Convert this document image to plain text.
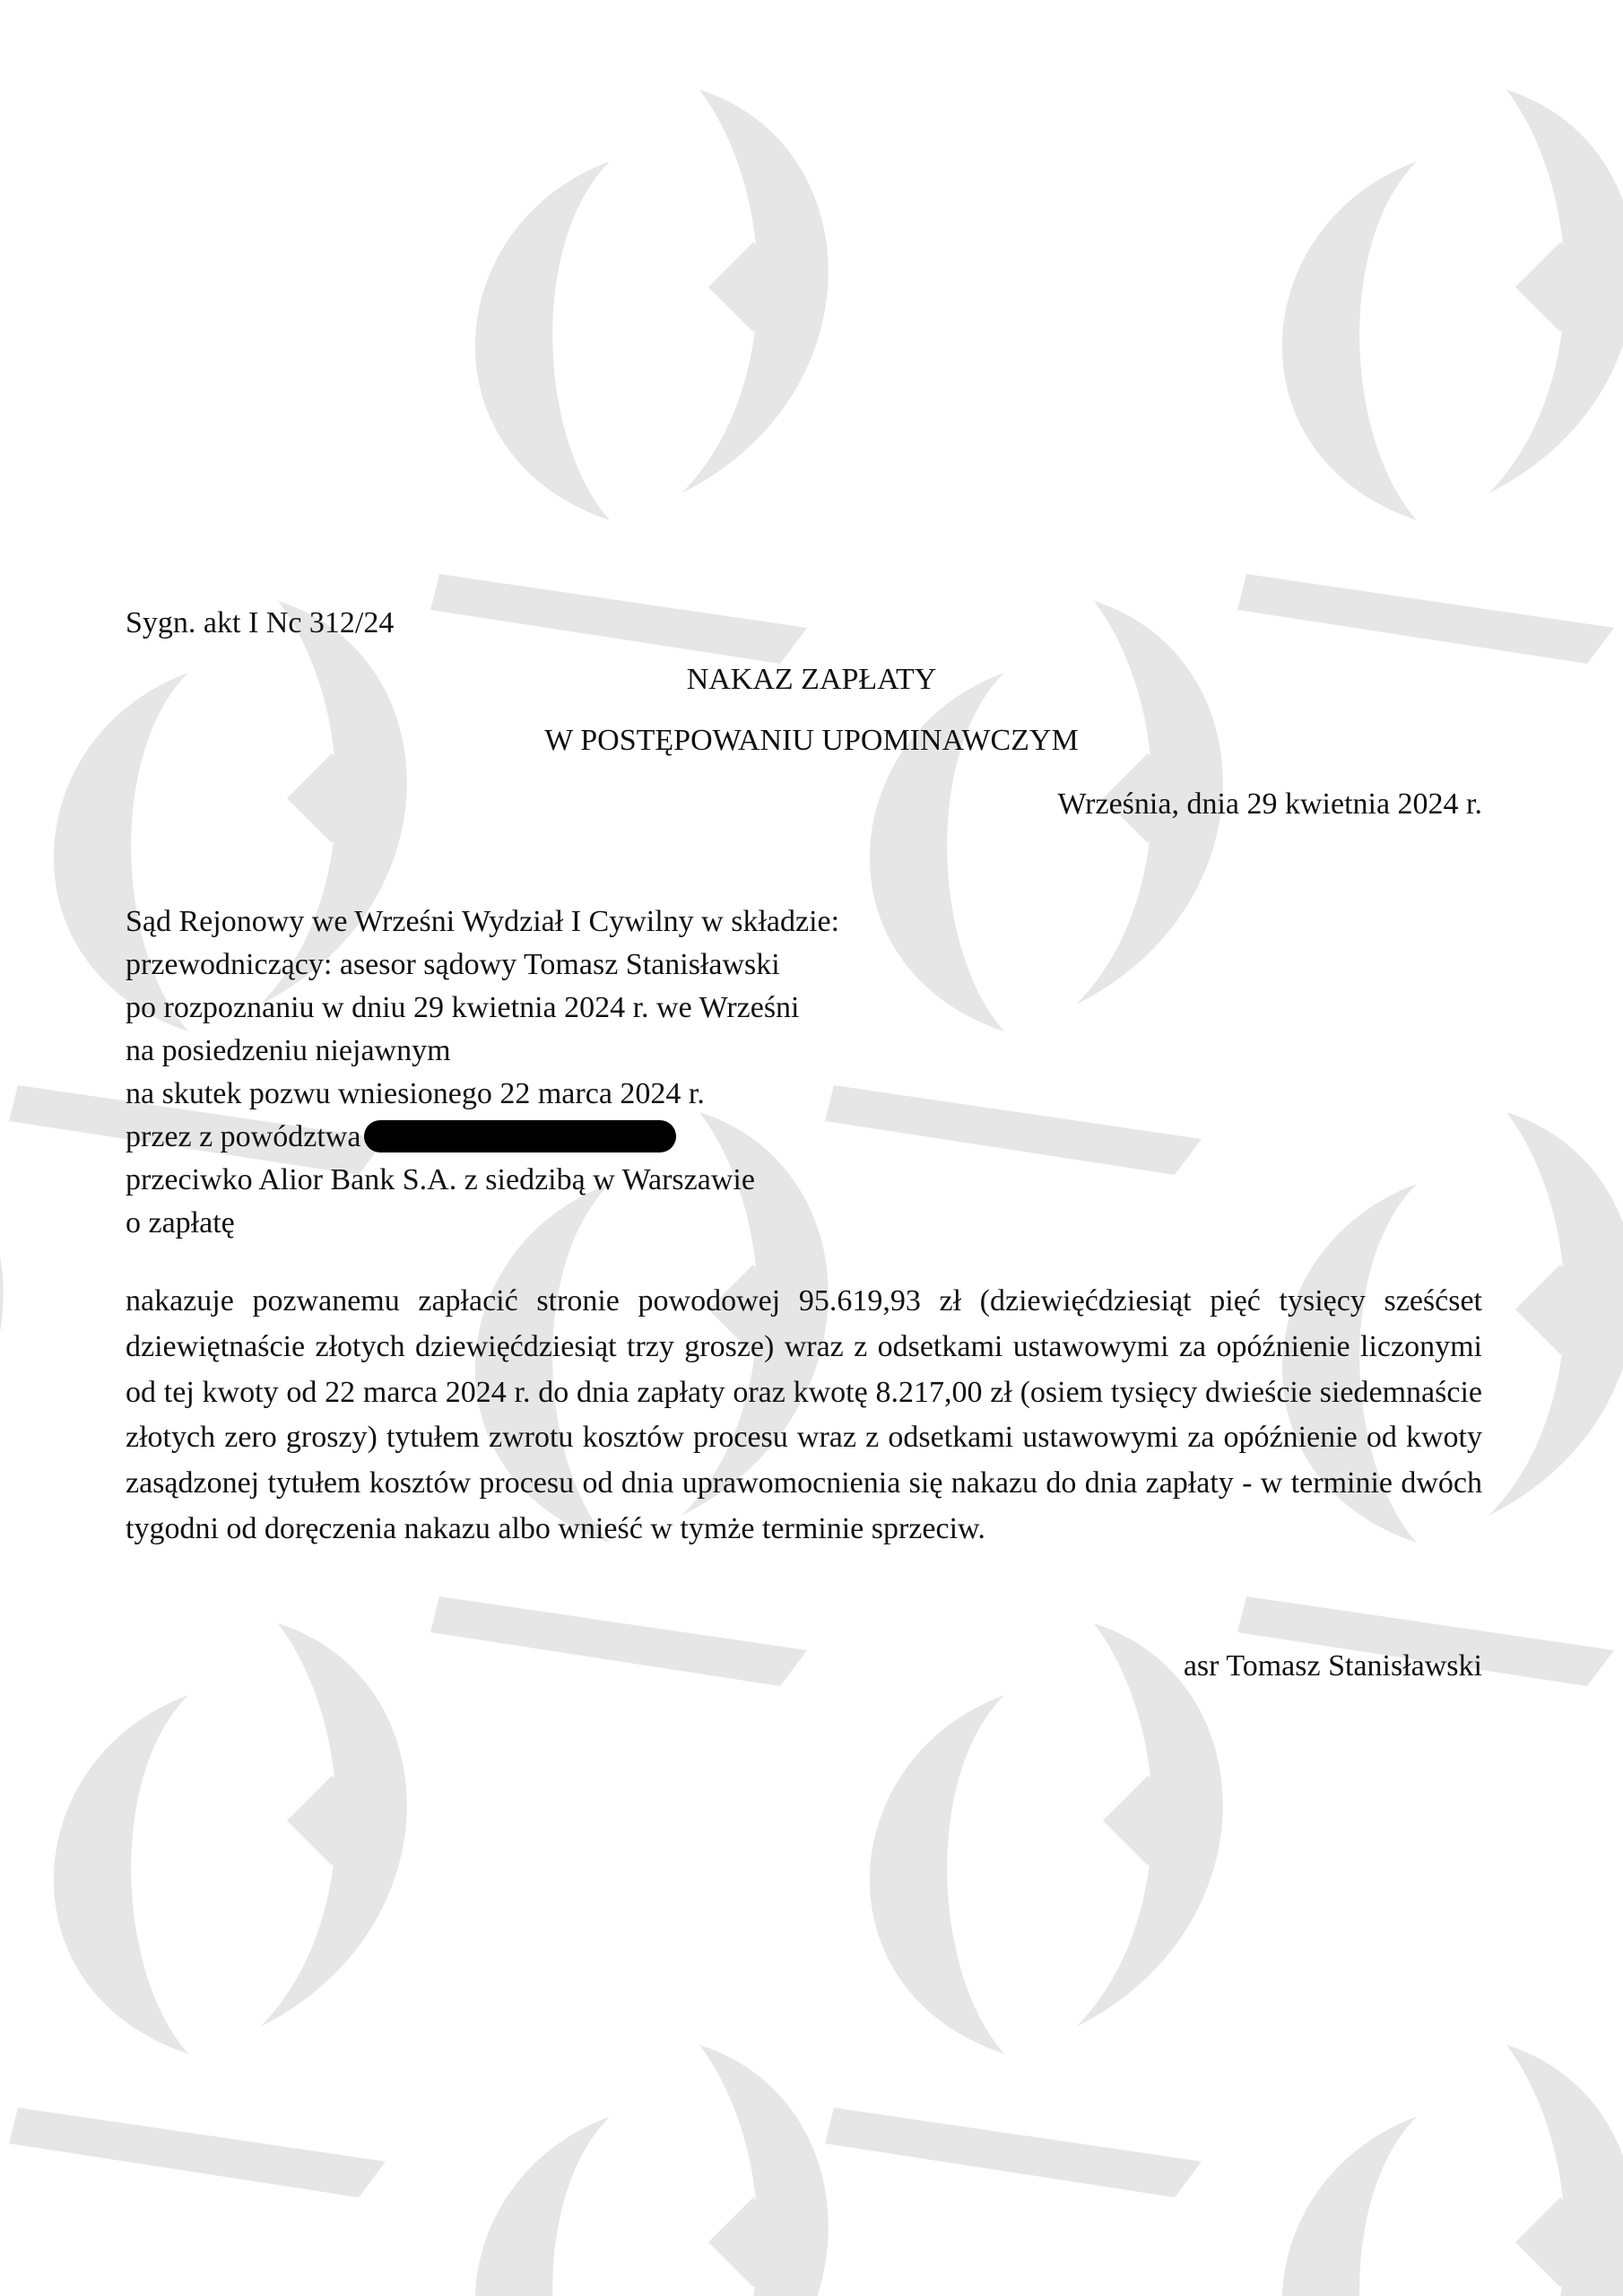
Sygn. akt I Nc 312/24
NAKAZ ZAPŁATY
W POSTĘPOWANIU UPOMINAWCZYM
Września, dnia 29 kwietnia 2024 r.
Sąd Rejonowy we Wrześni Wydział I Cywilny w składzie:
przewodniczący: asesor sądowy Tomasz Stanisławski
po rozpoznaniu w dniu 29 kwietnia 2024 r. we Wrześni
na posiedzeniu niejawnym
na skutek pozwu wniesionego 22 marca 2024 r.
przez z powództwa
przeciwko Alior Bank S.A. z siedzibą w Warszawie
o zapłatę
nakazuje pozwanemu zapłacić stronie powodowej 95.619,93 zł (dziewięćdziesiąt pięć tysięcy sześćset dziewiętnaście złotych dziewięćdziesiąt trzy grosze) wraz z odsetkami ustawowymi za opóźnienie liczonymi od tej kwoty od 22 marca 2024 r. do dnia zapłaty oraz kwotę 8.217,00 zł (osiem tysięcy dwieście siedemnaście złotych zero groszy) tytułem zwrotu kosztów procesu wraz z odsetkami ustawowymi za opóźnienie od kwoty zasądzonej tytułem kosztów procesu od dnia uprawomocnienia się nakazu do dnia zapłaty - w terminie dwóch tygodni od doręczenia nakazu albo wnieść w tymże terminie sprzeciw.
asr Tomasz Stanisławski
